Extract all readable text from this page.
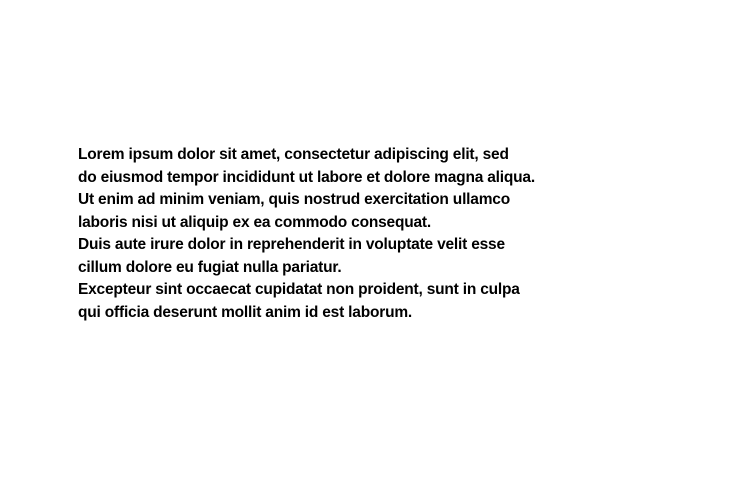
Lorem ipsum dolor sit amet, consectetur adipiscing elit, sed
do eiusmod tempor incididunt ut labore et dolore magna aliqua.
Ut enim ad minim veniam, quis nostrud exercitation ullamco
laboris nisi ut aliquip ex ea commodo consequat.
Duis aute irure dolor in reprehenderit in voluptate velit esse
cillum dolore eu fugiat nulla pariatur.
Excepteur sint occaecat cupidatat non proident, sunt in culpa
qui officia deserunt mollit anim id est laborum.
